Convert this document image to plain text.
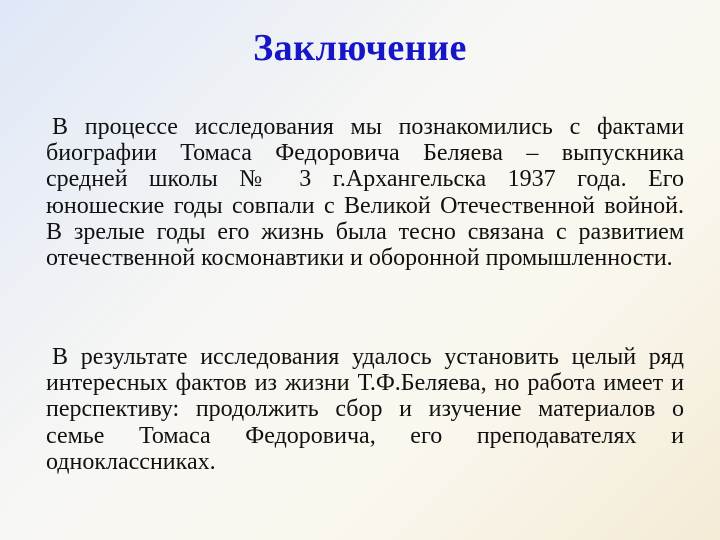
Заключение
В процессе исследования мы познакомились с фактами биографии Томаса Федоровича Беляева – выпускника средней школы № 3 г.Архангельска 1937 года. Его юношеские годы совпали с Великой Отечественной войной. В зрелые годы его жизнь была тесно связана с развитием отечественной космонавтики и оборонной промышленности.
В результате исследования удалось установить целый ряд интересных фактов из жизни Т.Ф.Беляева, но работа имеет и перспективу: продолжить сбор и изучение материалов о семье Томаса Федоровича, его преподавателях и одноклассниках.
